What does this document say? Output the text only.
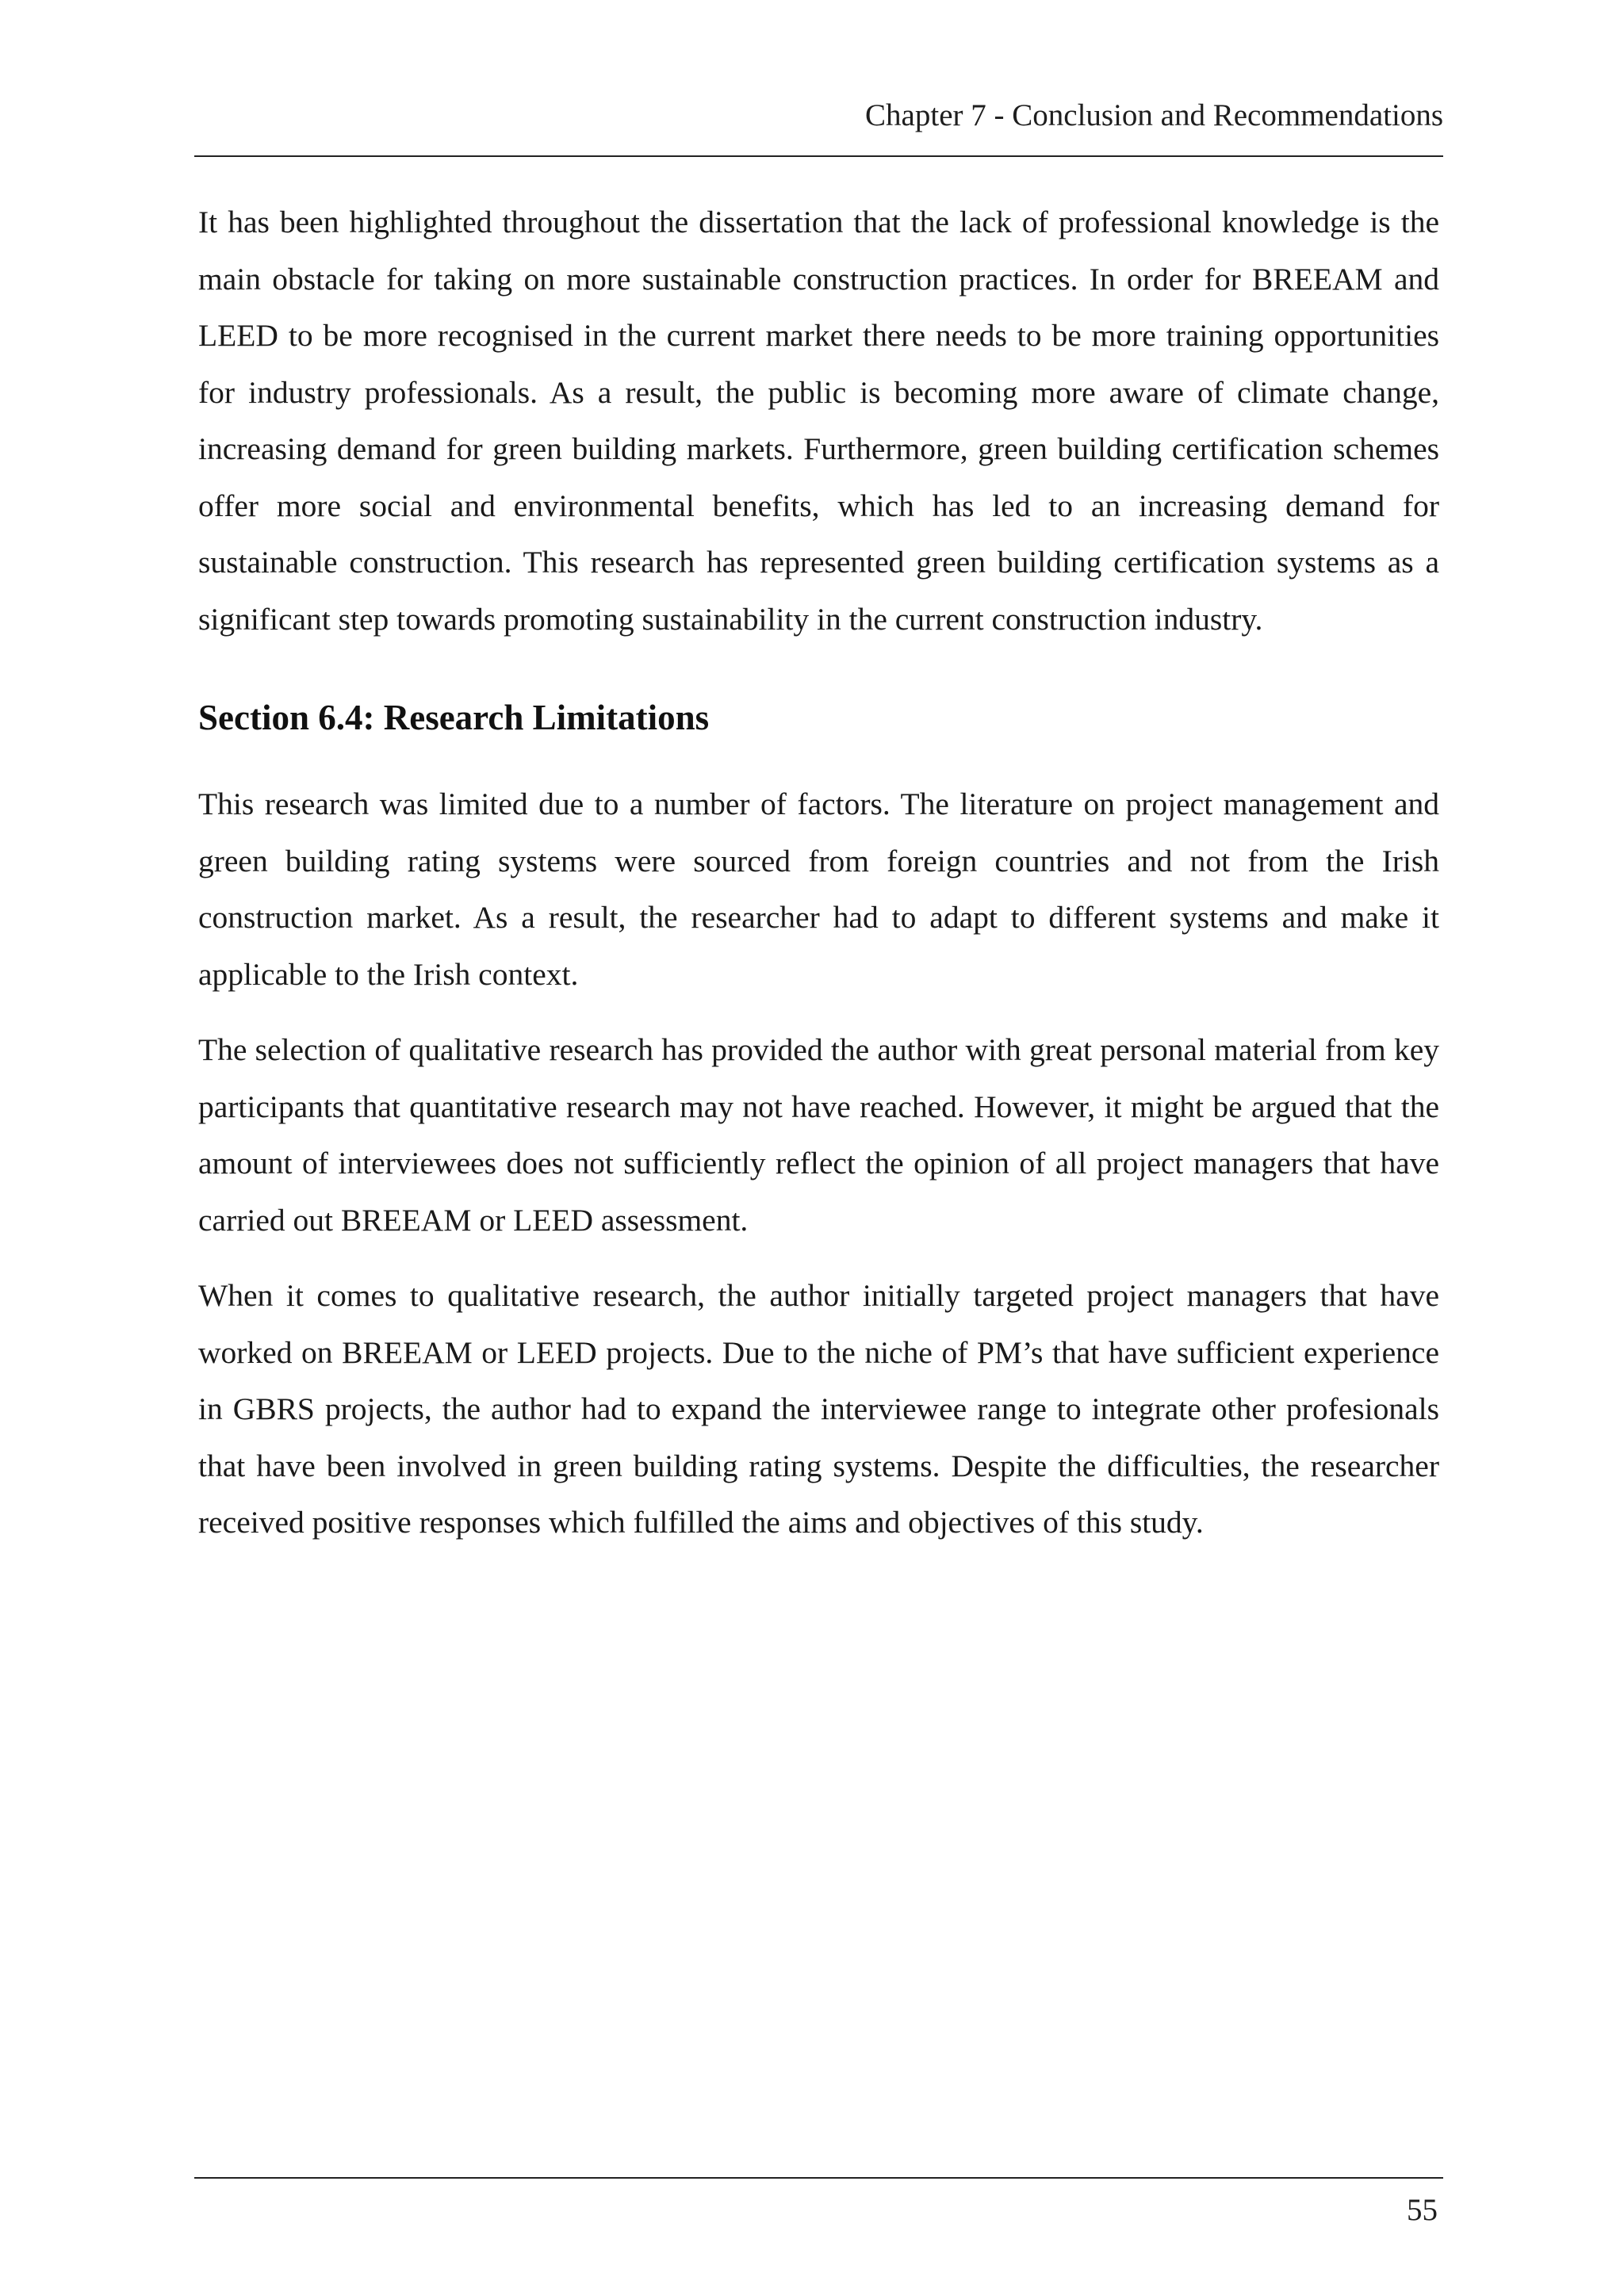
Chapter 7 - Conclusion and Recommendations

It has been highlighted throughout the dissertation that the lack of professional knowledge is the main obstacle for taking on more sustainable construction practices. In order for BREEAM and LEED to be more recognised in the current market there needs to be more training opportunities for industry professionals. As a result, the public is becoming more aware of climate change, increasing demand for green building markets. Furthermore, green building certification schemes offer more social and environmental benefits, which has led to an increasing demand for sustainable construction. This research has represented green building certification systems as a significant step towards promoting sustainability in the current construction industry.

Section 6.4: Research Limitations

This research was limited due to a number of factors. The literature on project management and green building rating systems were sourced from foreign countries and not from the Irish construction market. As a result, the researcher had to adapt to different systems and make it applicable to the Irish context.

The selection of qualitative research has provided the author with great personal material from key participants that quantitative research may not have reached. However, it might be argued that the amount of interviewees does not sufficiently reflect the opinion of all project managers that have carried out BREEAM or LEED assessment.

When it comes to qualitative research, the author initially targeted project managers that have worked on BREEAM or LEED projects. Due to the niche of PM’s that have sufficient experience in GBRS projects, the author had to expand the interviewee range to integrate other profesionals that have been involved in green building rating systems. Despite the difficulties, the researcher received positive responses which fulfilled the aims and objectives of this study.

55
